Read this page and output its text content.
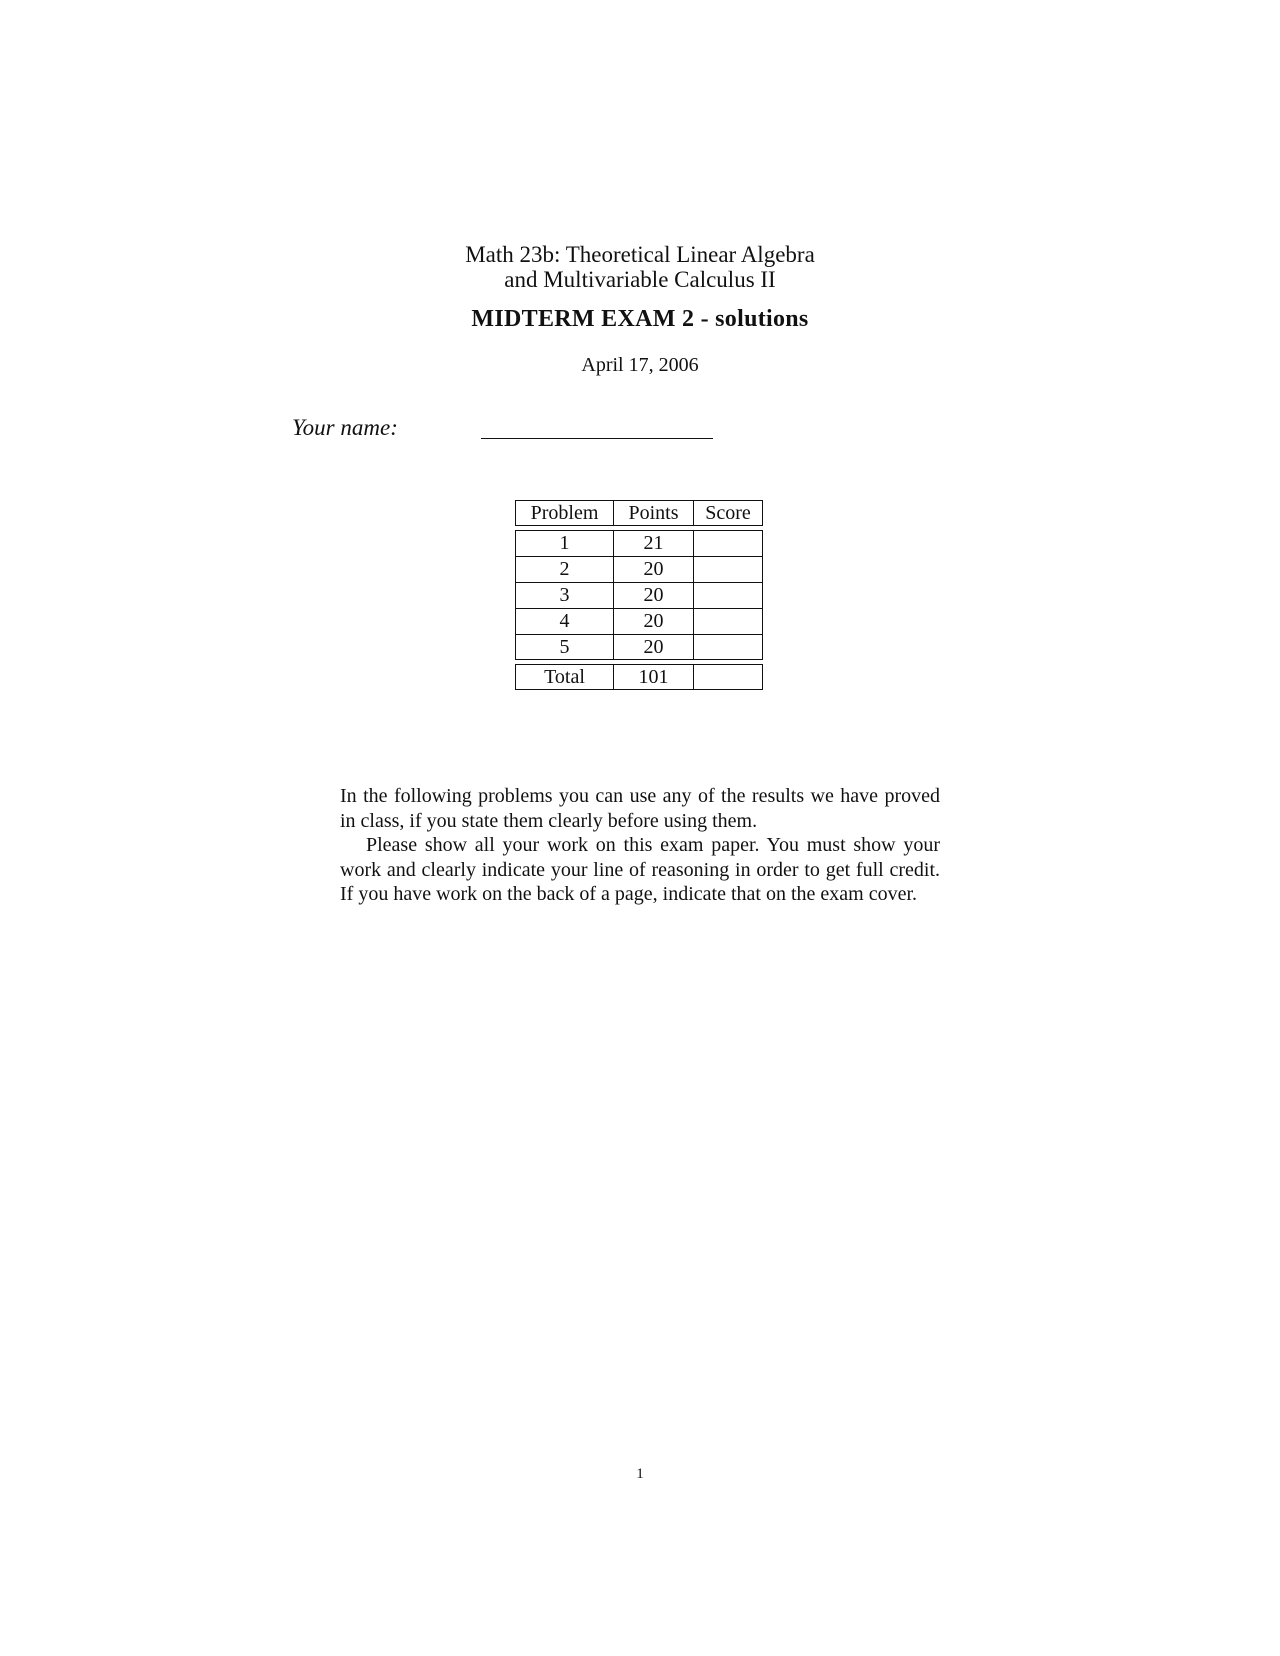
Math 23b: Theoretical Linear Algebra
and Multivariable Calculus II
MIDTERM EXAM 2 - solutions
April 17, 2006
Your name:
Problem	Points	Score
1	21
2	20
3	20
4	20
5	20
Total	101

In the following problems you can use any of the results we have proved in class, if you state them clearly before using them.

Please show all your work on this exam paper. You must show your work and clearly indicate your line of reasoning in order to get full credit. If you have work on the back of a page, indicate that on the exam cover.

1
